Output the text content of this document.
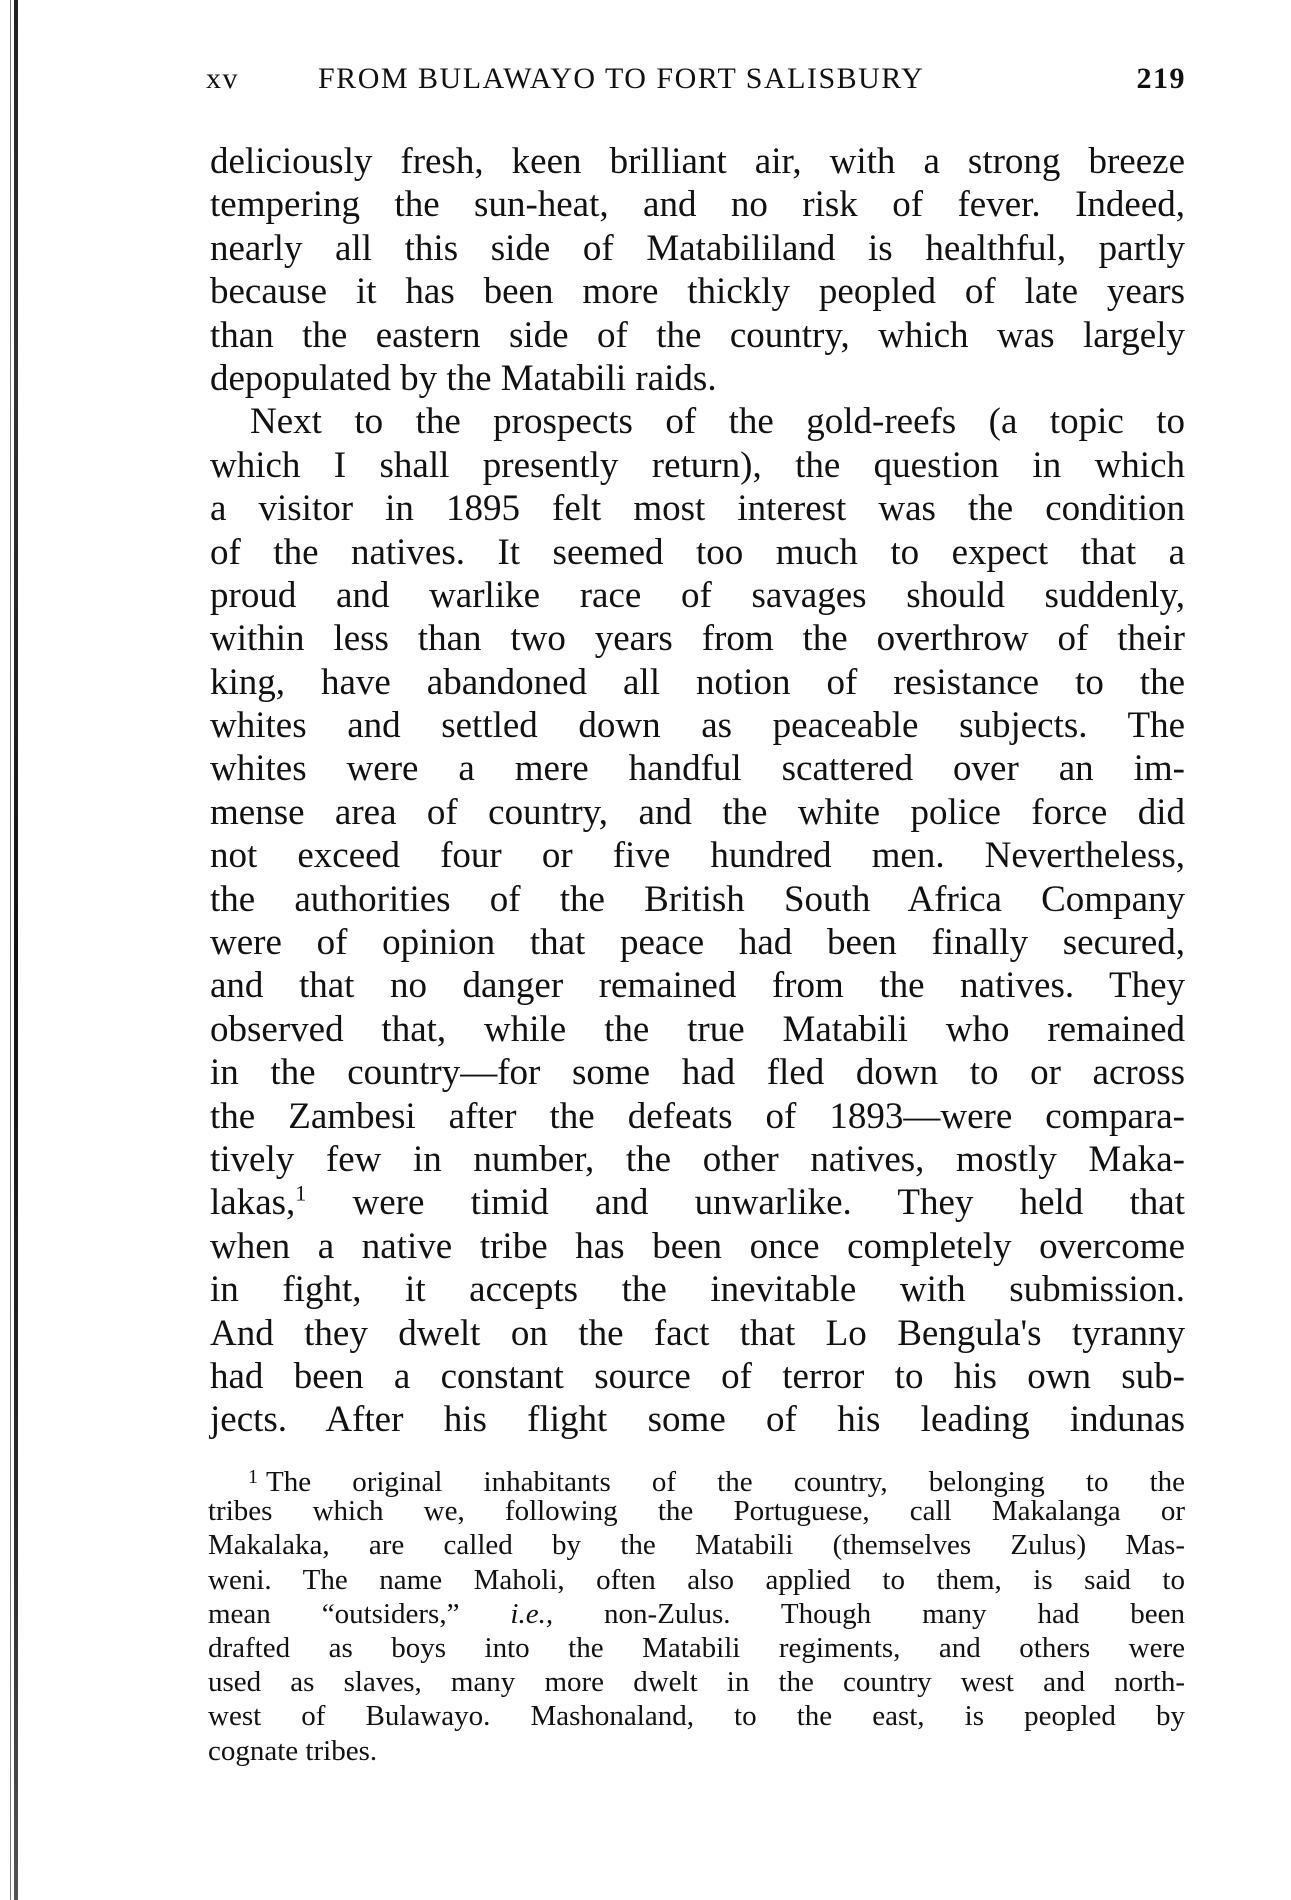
xv	FROM BULAWAYO TO FORT SALISBURY	219
deliciously fresh, keen brilliant air, with a strong breeze
tempering the sun-heat, and no risk of fever. Indeed,
nearly all this side of Matabililand is healthful, partly
because it has been more thickly peopled of late years
than the eastern side of the country, which was largely
depopulated by the Matabili raids.
Next to the prospects of the gold-reefs (a topic to
which I shall presently return), the question in which
a visitor in 1895 felt most interest was the condition
of the natives. It seemed too much to expect that a
proud and warlike race of savages should suddenly,
within less than two years from the overthrow of their
king, have abandoned all notion of resistance to the
whites and settled down as peaceable subjects. The
whites were a mere handful scattered over an im-
mense area of country, and the white police force did
not exceed four or five hundred men. Nevertheless,
the authorities of the British South Africa Company
were of opinion that peace had been finally secured,
and that no danger remained from the natives. They
observed that, while the true Matabili who remained
in the country—for some had fled down to or across
the Zambesi after the defeats of 1893—were compara-
tively few in number, the other natives, mostly Maka-
lakas,$^1$ were timid and unwarlike. They held that
when a native tribe has been once completely overcome
in fight, it accepts the inevitable with submission.
And they dwelt on the fact that Lo Bengula's tyranny
had been a constant source of terror to his own sub-
jects. After his flight some of his leading indunas
$^1$ The original inhabitants of the country, belonging to the
tribes which we, following the Portuguese, call Makalanga or
Makalaka, are called by the Matabili (themselves Zulus) Mas-
weni. The name Maholi, often also applied to them, is said to
mean “outsiders,” i.e., non-Zulus. Though many had been
drafted as boys into the Matabili regiments, and others were
used as slaves, many more dwelt in the country west and north-
west of Bulawayo. Mashonaland, to the east, is peopled by
cognate tribes.
